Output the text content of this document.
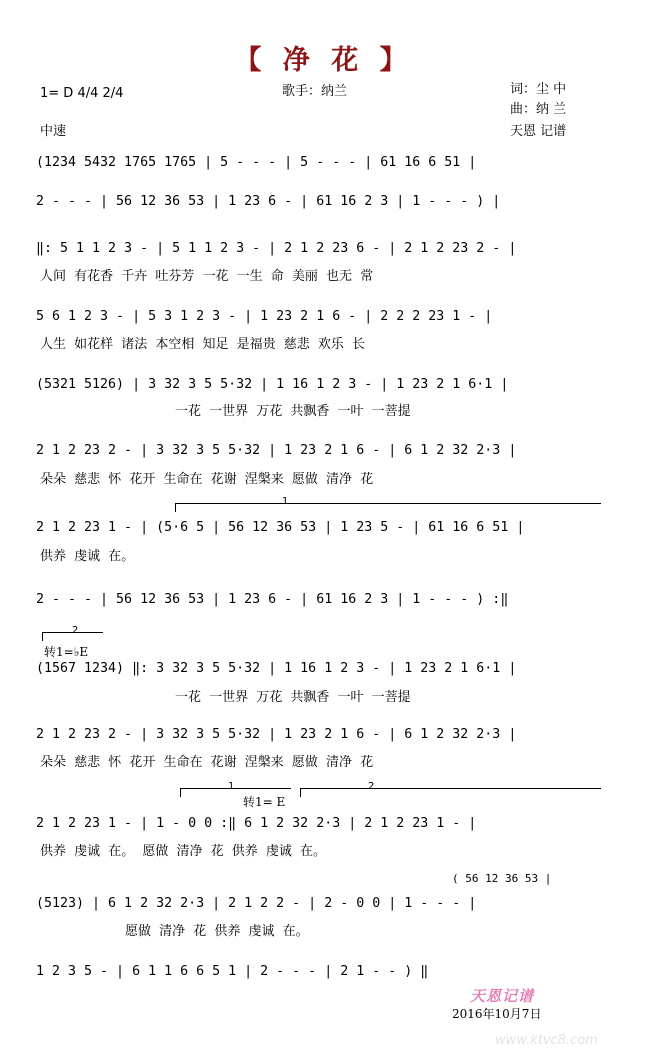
【 净 花 】
歌手：纳兰
1= D 4/4 2/4	词：尘 中
曲：纳 兰
中速	天恩 记谱
(1234 5432 1765 1765 | 5 - - - | 5 - - - | 61 16 6 51 |
2 - - - | 56 12 36 53 | 1 23 6 - | 61 16 2 3 | 1 - - - ) |
‖: 5 1 1 2 3 - | 5 1 1 2 3 - | 2 1 2 23 6 - | 2 1 2 23 2 - |
人间 有花香 千卉 吐芬芳 一花 一生 命 美丽 也无 常
5 6 1 2 3 - | 5 3 1 2 3 - | 1 23 2 1 6 - | 2 2 2 23 1 - |
人生 如花样 诸法 本空相 知足 是福贵 慈悲 欢乐 长
(5321 5126) | 3 32 3 5 5·32 | 1 16 1 2 3 - | 1 23 2 1 6·1 |
一花 一世界 万花 共飘香 一叶 一菩提
2 1 2 23 2 - | 3 32 3 5 5·32 | 1 23 2 1 6 - | 6 1 2 32 2·3 |
朵朵 慈悲 怀 花开 生命在 花谢 涅槃来 愿做 清净 花
1
2 1 2 23 1 - | (5·6 5 | 56 12 36 53 | 1 23 5 - | 61 16 6 51 |
供养 虔诚 在。
2 - - - | 56 12 36 53 | 1 23 6 - | 61 16 2 3 | 1 - - - ) :‖
2
转1=♭E
(1567 1234) ‖: 3 32 3 5 5·32 | 1 16 1 2 3 - | 1 23 2 1 6·1 |
一花 一世界 万花 共飘香 一叶 一菩提
2 1 2 23 2 - | 3 32 3 5 5·32 | 1 23 2 1 6 - | 6 1 2 32 2·3 |
朵朵 慈悲 怀 花开 生命在 花谢 涅槃来 愿做 清净 花
1
转1= E
2
2 1 2 23 1 - | 1 - 0 0 :‖ 6 1 2 32 2·3 | 2 1 2 23 1 - |
供养 虔诚 在。 愿做 清净 花 供养 虔诚 在。
( 56 12 36 53 |
(5123) | 6 1 2 32 2·3 | 2 1 2 2 - | 2 - 0 0 | 1 - - - |
愿做 清净 花 供养 虔诚 在。
1 2 3 5 - | 6 1 1 6 6 5 1 | 2 - - - | 2 1 - - ) ‖
天恩记谱
2016年10月7日
www.ktvc8.com
